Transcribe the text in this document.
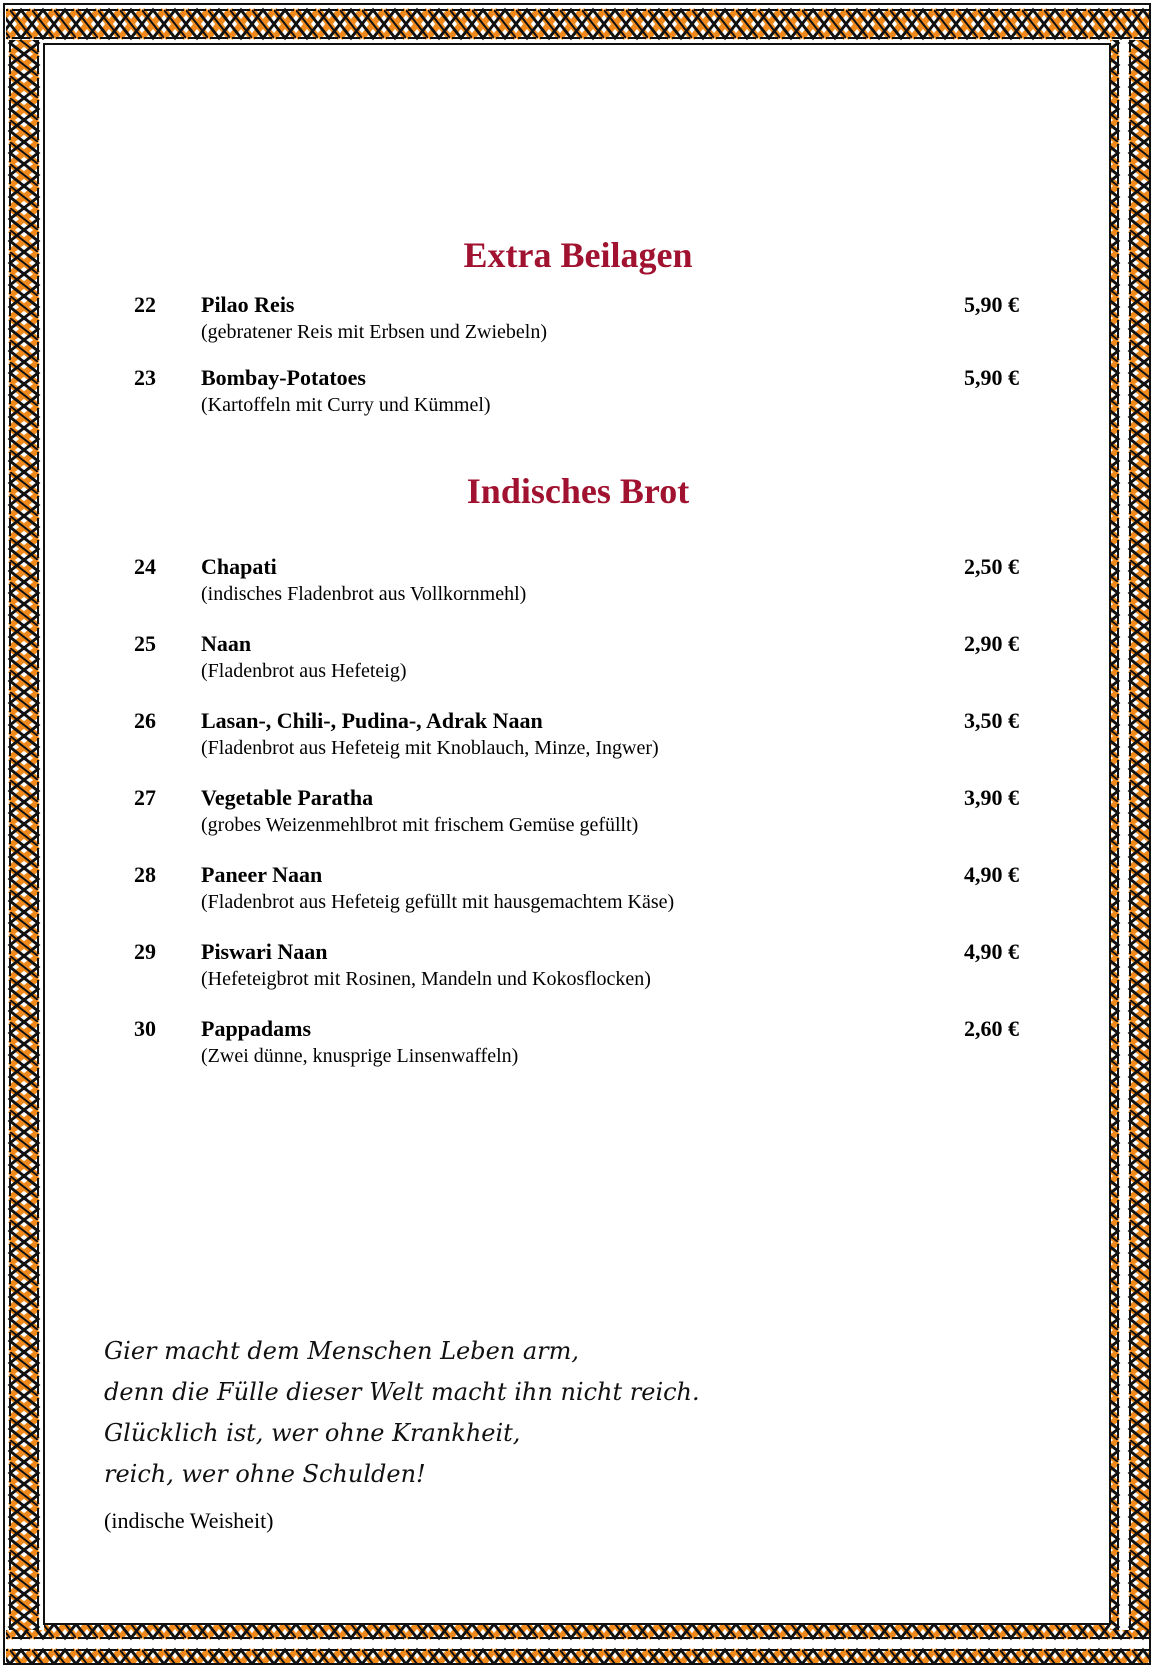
Extra Beilagen
22 Pilao Reis
(gebratener Reis mit Erbsen und Zwiebeln)
5,90 €
23 Bombay-Potatoes
(Kartoffeln mit Curry und Kümmel)
5,90 €
Indisches Brot
24 Chapati
(indisches Fladenbrot aus Vollkornmehl)
2,50 €
25 Naan
(Fladenbrot aus Hefeteig)
2,90 €
26 Lasan-, Chili-, Pudina-, Adrak Naan
(Fladenbrot aus Hefeteig mit Knoblauch, Minze, Ingwer)
3,50 €
27 Vegetable Paratha
(grobes Weizenmehlbrot mit frischem Gemüse gefüllt)
3,90 €
28 Paneer Naan
(Fladenbrot aus Hefeteig gefüllt mit hausgemachtem Käse)
4,90 €
29 Piswari Naan
(Hefeteigbrot mit Rosinen, Mandeln und Kokosflocken)
4,90 €
30 Pappadams
(Zwei dünne, knusprige Linsenwaffeln)
2,60 €
Gier macht dem Menschen Leben arm,
denn die Fülle dieser Welt macht ihn nicht reich.
Glücklich ist, wer ohne Krankheit,
reich, wer ohne Schulden!
(indische Weisheit)
